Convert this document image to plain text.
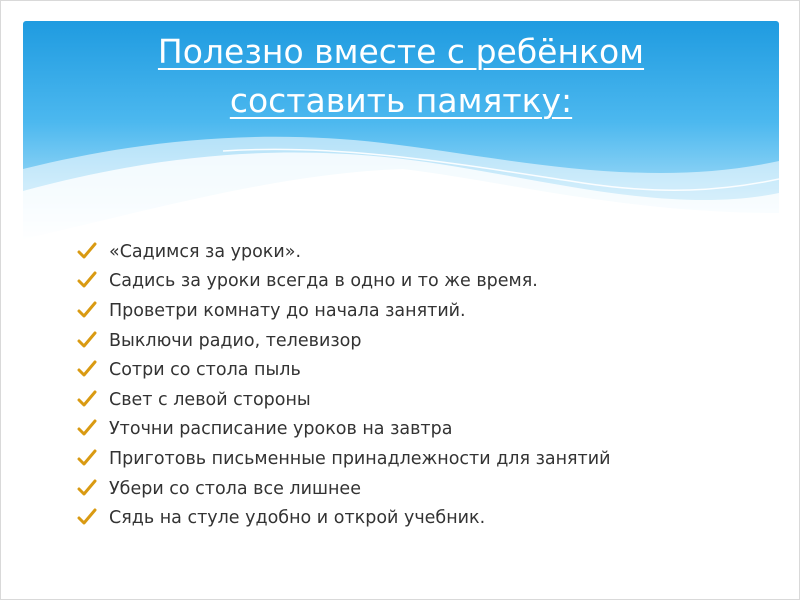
Полезно вместе с ребёнком
составить памятку:
«Садимся за уроки».
Садись за уроки всегда в одно и то же время.
Проветри комнату до начала занятий.
Выключи радио, телевизор
Сотри со стола пыль
Свет с левой стороны
Уточни расписание уроков на завтра
Приготовь письменные принадлежности для занятий
Убери со стола все лишнее
Сядь на стуле удобно и открой учебник.
